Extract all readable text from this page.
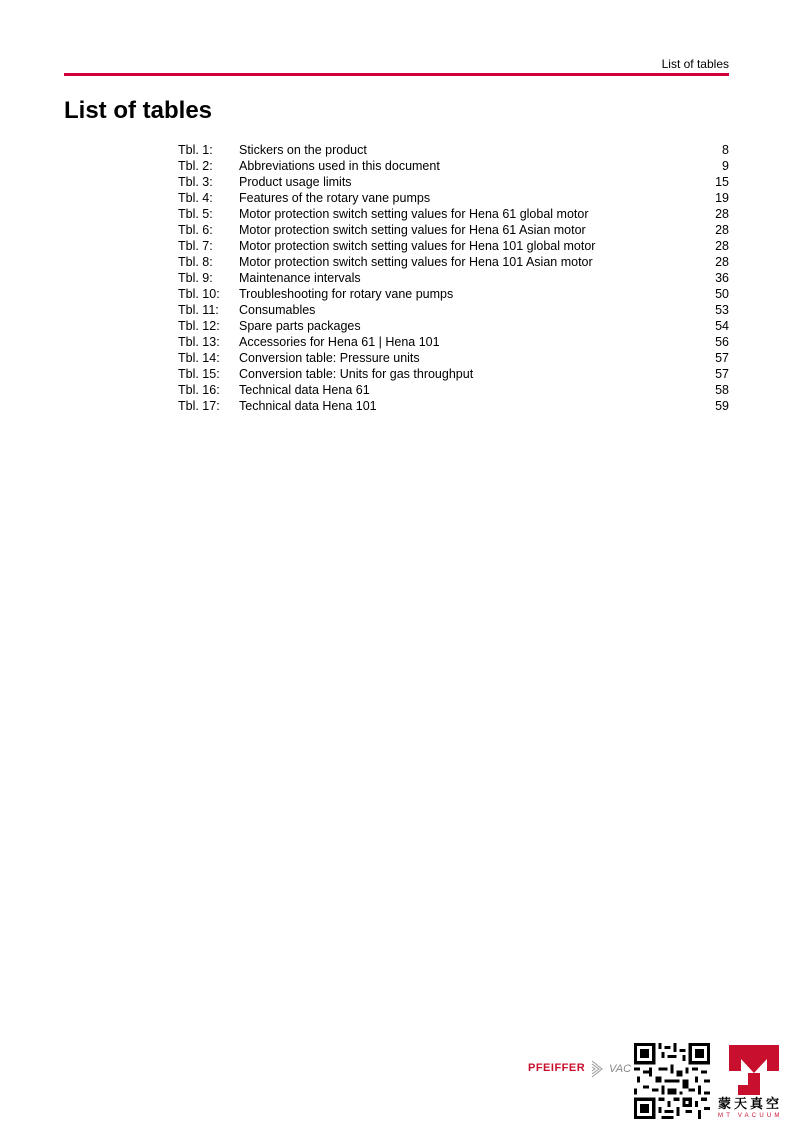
List of tables
List of tables
Tbl. 1:	Stickers on the product	8
Tbl. 2:	Abbreviations used in this document	9
Tbl. 3:	Product usage limits	15
Tbl. 4:	Features of the rotary vane pumps	19
Tbl. 5:	Motor protection switch setting values for Hena 61 global motor	28
Tbl. 6:	Motor protection switch setting values for Hena 61 Asian motor	28
Tbl. 7:	Motor protection switch setting values for Hena 101 global motor	28
Tbl. 8:	Motor protection switch setting values for Hena 101 Asian motor	28
Tbl. 9:	Maintenance intervals	36
Tbl. 10:	Troubleshooting for rotary vane pumps	50
Tbl. 11:	Consumables	53
Tbl. 12:	Spare parts packages	54
Tbl. 13:	Accessories for Hena 61 | Hena 101	56
Tbl. 14:	Conversion table: Pressure units	57
Tbl. 15:	Conversion table: Units for gas throughput	57
Tbl. 16:	Technical data Hena 61	58
Tbl. 17:	Technical data Hena 101	59
PFEIFFER VAC
蒙天真空
MT VACUUM
